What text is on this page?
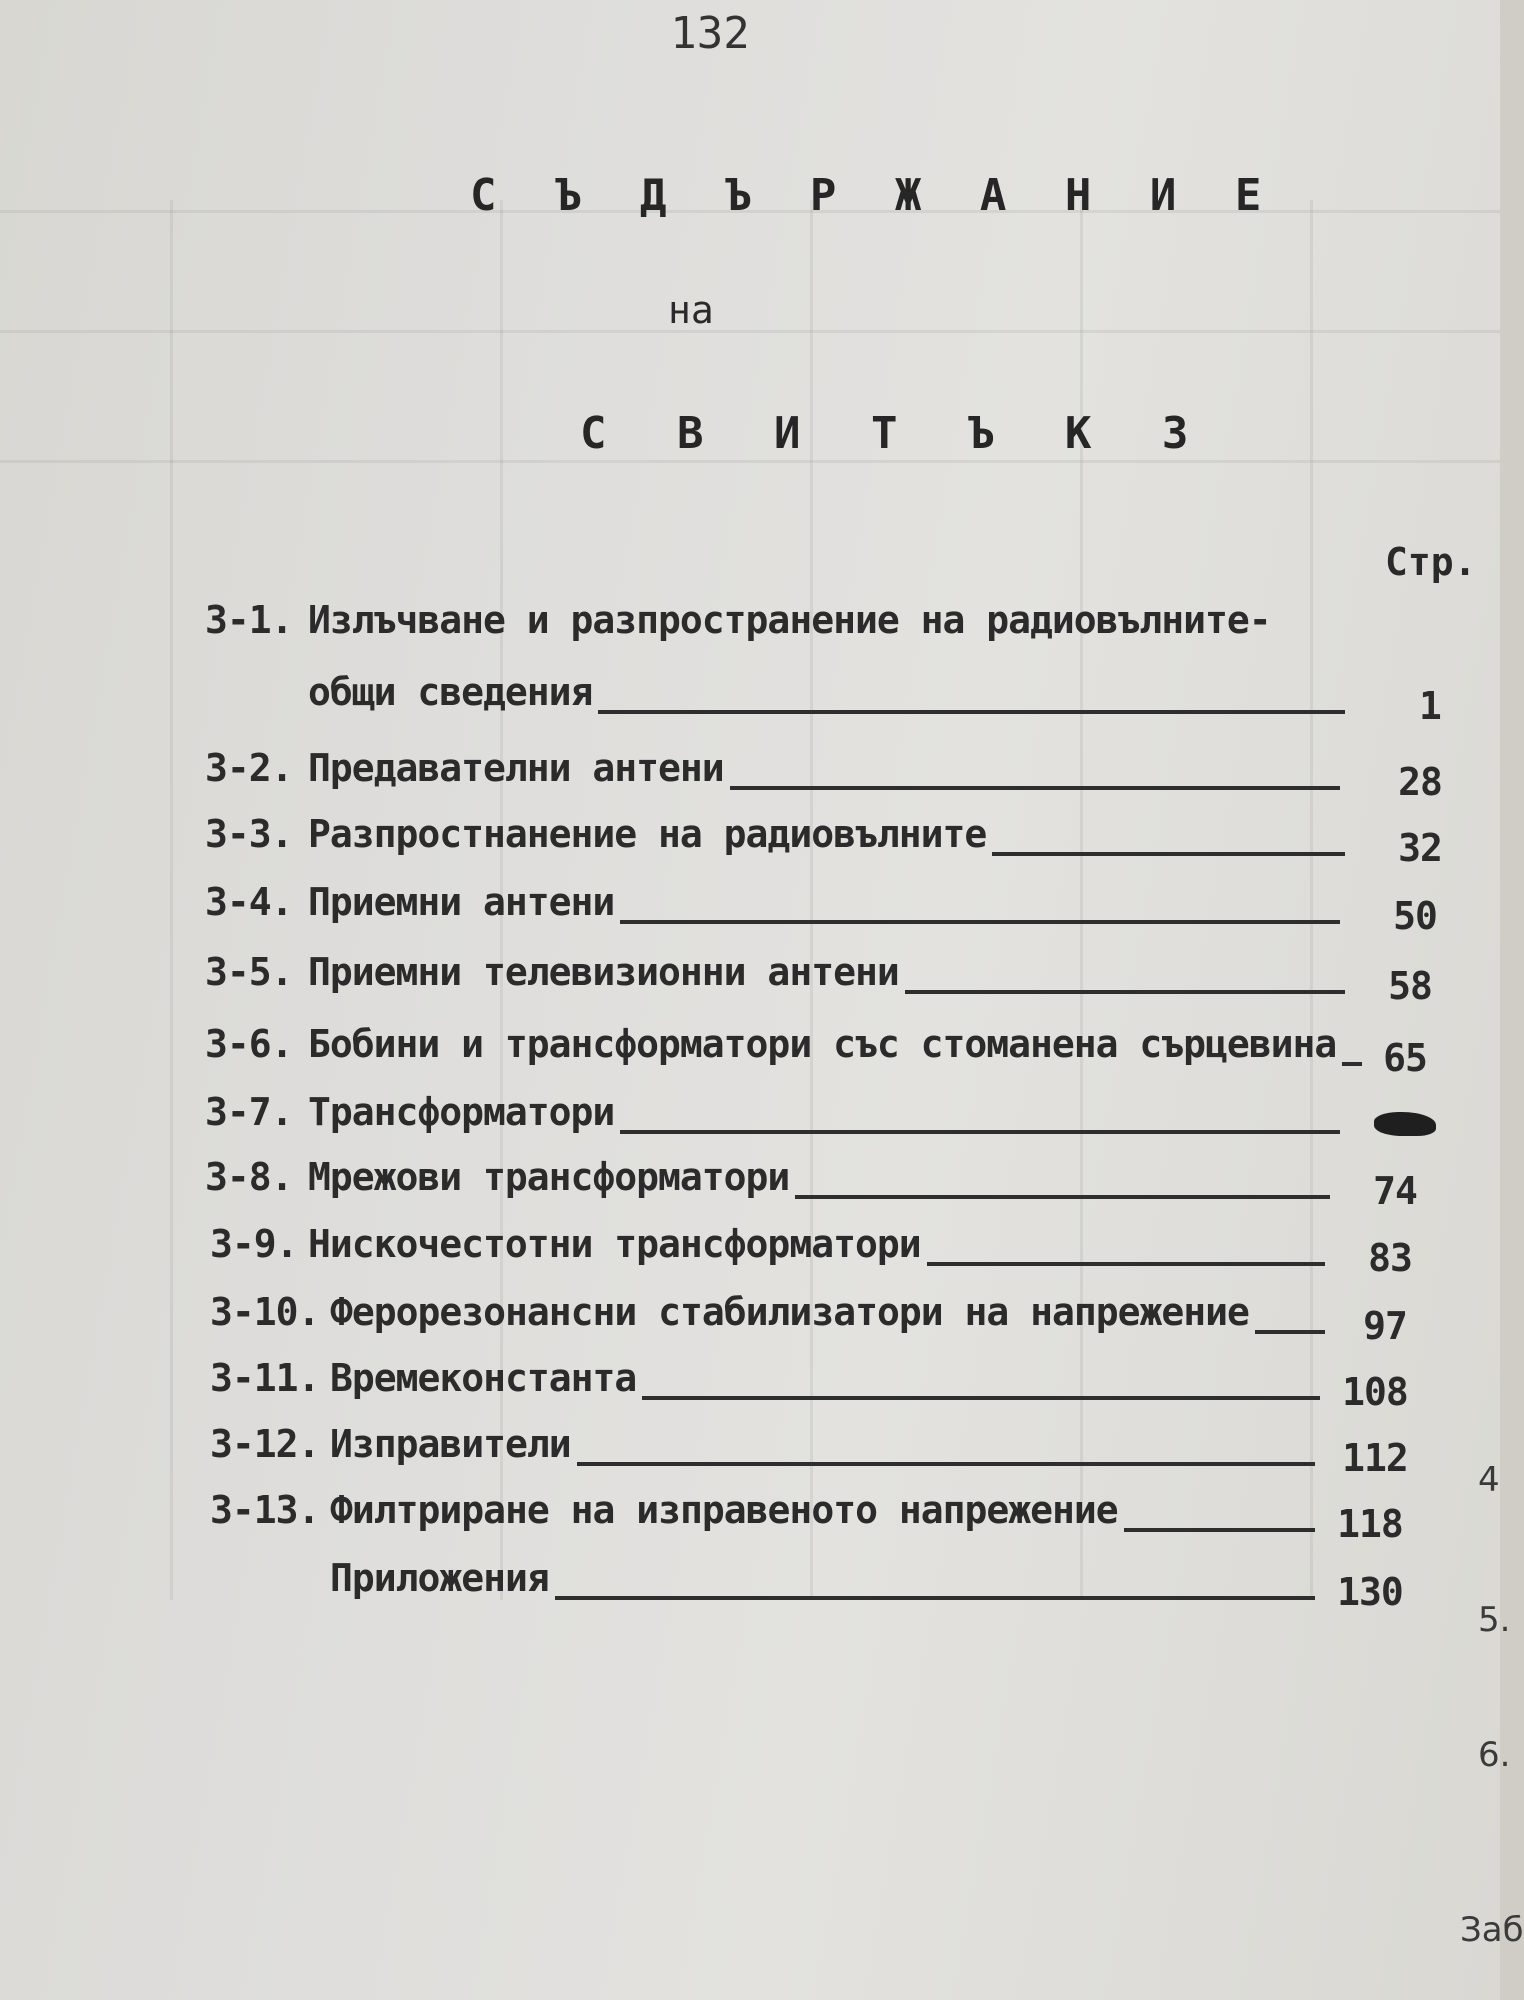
132
С Ъ Д Ъ Р Ж А Н И Е
на
С В И Т Ъ К 3
Стр.
3-1. Излъчване и разпространение на радиовълните-
общи сведения	1
3-2. Предавателни антени	28
3-3. Разпростнанение на радиовълните	32
3-4. Приемни антени	50
3-5. Приемни телевизионни антени	58
3-6. Бобини и трансформатори със стоманена сърцевина	65
3-7. Трансформатори
3-8. Мрежови трансформатори	74
3-9. Нискочестотни трансформатори	83
3-10. Ферорезонансни стабилизатори на напрежение	97
3-11. Времеконстанта	108
3-12. Изправители	112
3-13. Филтриране на изправеното напрежение	118
Приложения	130
4
5.
6.
Заб
